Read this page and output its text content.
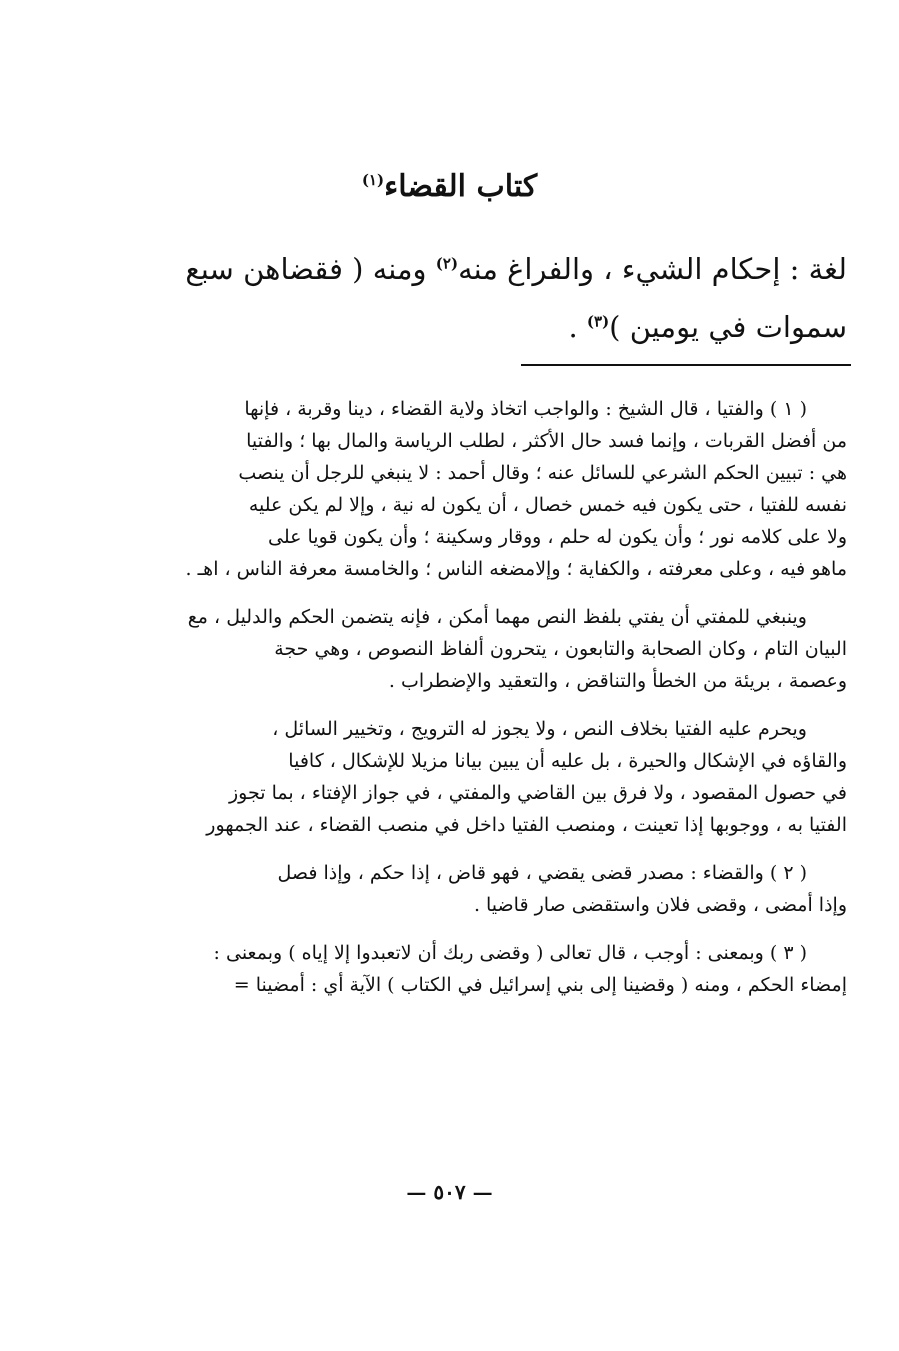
كتاب القضاء$^{(١)}$
لغة : إحكام الشيء ، والفراغ منه$^{(٢)}$ ومنه ( فقضاهن سبع
سموات في يومين )$^{(٣)}$ .
( ١ ) والفتيا ، قال الشيخ : والواجب اتخاذ ولاية القضاء ، دينا وقربة ، فإنها
من أفضل القربات ، وإنما فسد حال الأكثر ، لطلب الرياسة والمال بها ؛ والفتيا
هي : تبيين الحكم الشرعي للسائل عنه ؛ وقال أحمد : لا ينبغي للرجل أن ينصب
نفسه للفتيا ، حتى يكون فيه خمس خصال ، أن يكون له نية ، وإلا لم يكن عليه
ولا على كلامه نور ؛ وأن يكون له حلم ، ووقار وسكينة ؛ وأن يكون قويا على
ماهو فيه ، وعلى معرفته ، والكفاية ؛ وإلامضغه الناس ؛ والخامسة معرفة الناس ، اهـ .
وينبغي للمفتي أن يفتي بلفظ النص مهما أمكن ، فإنه يتضمن الحكم والدليل ، مع
البيان التام ، وكان الصحابة والتابعون ، يتحرون ألفاظ النصوص ، وهي حجة
وعصمة ، بريئة من الخطأ والتناقض ، والتعقيد والإضطراب .
ويحرم عليه الفتيا بخلاف النص ، ولا يجوز له الترويج ، وتخيير السائل ،
والقاؤه في الإشكال والحيرة ، بل عليه أن يبين بيانا مزيلا للإشكال ، كافيا
في حصول المقصود ، ولا فرق بين القاضي والمفتي ، في جواز الإفتاء ، بما تجوز
الفتيا به ، ووجوبها إذا تعينت ، ومنصب الفتيا داخل في منصب القضاء ، عند الجمهور
( ٢ ) والقضاء : مصدر قضى يقضي ، فهو قاض ، إذا حكم ، وإذا فصل
وإذا أمضى ، وقضى فلان واستقضى صار قاضيا .
( ٣ ) وبمعنى : أوجب ، قال تعالى ( وقضى ربك أن لاتعبدوا إلا إياه ) وبمعنى :
إمضاء الحكم ، ومنه ( وقضينا إلى بني إسرائيل في الكتاب ) الآية أي : أمضينا =
— ٥٠٧ —
